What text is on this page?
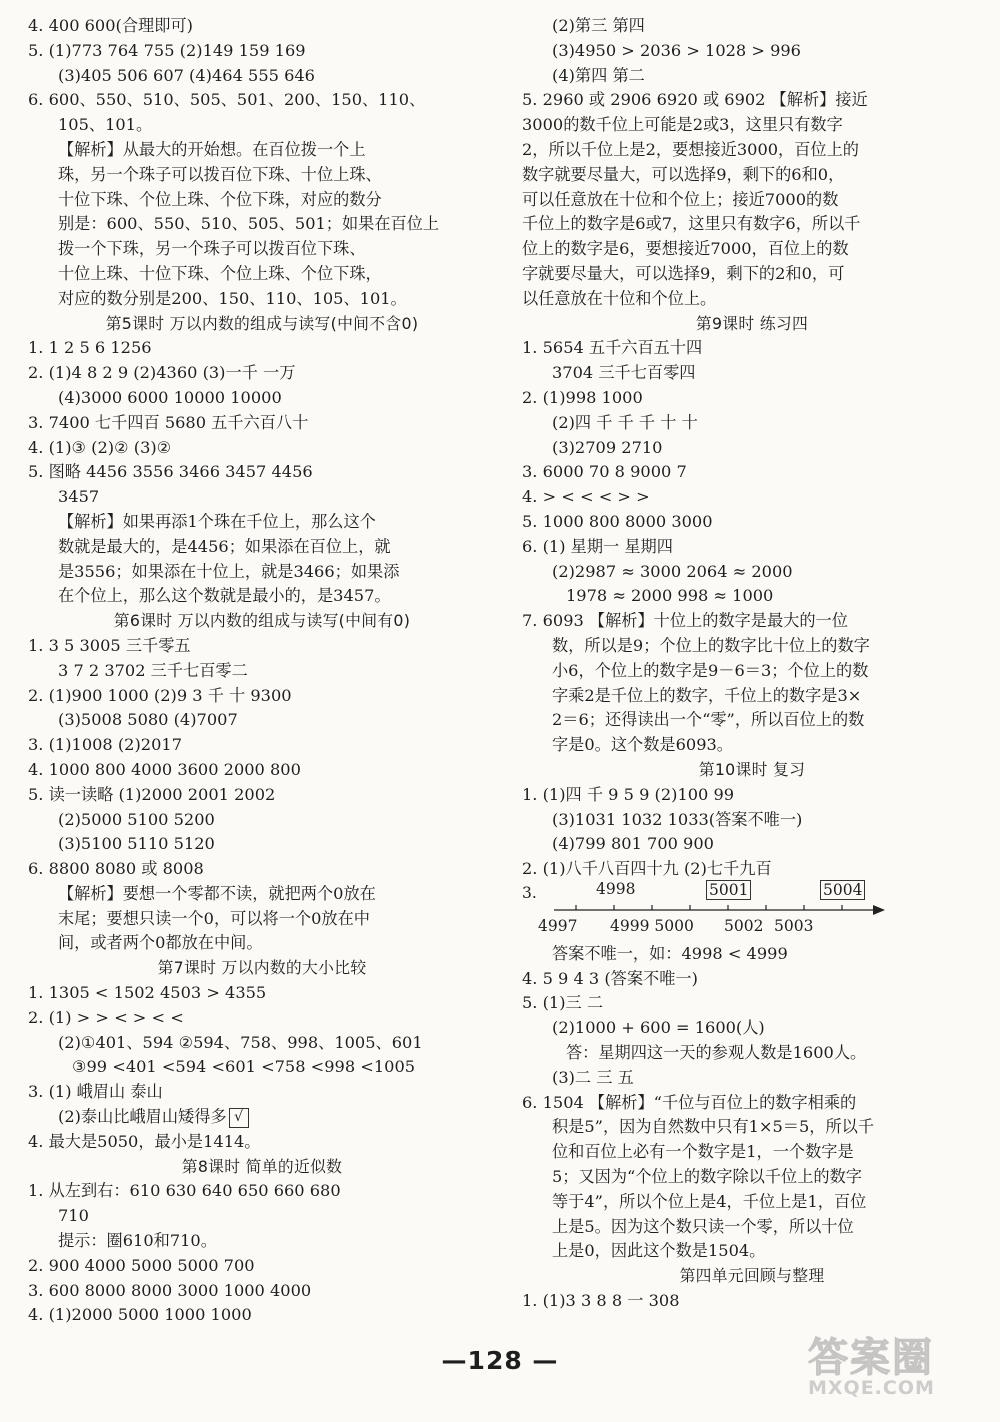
4. 400 600(合理即可)
5. (1)773 764 755 (2)149 159 169
(3)405 506 607 (4)464 555 646
6. 600、550、510、505、501、200、150、110、
105、101。
【解析】从最大的开始想。在百位拨一个上
珠，另一个珠子可以拨百位下珠、十位上珠、
十位下珠、个位上珠、个位下珠，对应的数分
别是：600、550、510、505、501；如果在百位上
拨一个下珠，另一个珠子可以拨百位下珠、
十位上珠、十位下珠、个位上珠、个位下珠，
对应的数分别是200、150、110、105、101。
第5课时 万以内数的组成与读写(中间不含0)
1. 1 2 5 6 1256
2. (1)4 8 2 9 (2)4360 (3)一千 一万
(4)3000 6000 10000 10000
3. 7400 七千四百 5680 五千六百八十
4. (1)③ (2)② (3)②
5. 图略 4456 3556 3466 3457 4456
3457
【解析】如果再添1个珠在千位上，那么这个
数就是最大的，是4456；如果添在百位上，就
是3556；如果添在十位上，就是3466；如果添
在个位上，那么这个数就是最小的，是3457。
第6课时 万以内数的组成与读写(中间有0)
1. 3 5 3005 三千零五
3 7 2 3702 三千七百零二
2. (1)900 1000 (2)9 3 千 十 9300
(3)5008 5080 (4)7007
3. (1)1008 (2)2017
4. 1000 800 4000 3600 2000 800
5. 读一读略 (1)2000 2001 2002
(2)5000 5100 5200
(3)5100 5110 5120
6. 8800 8080 或 8008
【解析】要想一个零都不读，就把两个0放在
末尾；要想只读一个0，可以将一个0放在中
间，或者两个0都放在中间。
第7课时 万以内数的大小比较
1. 1305 < 1502 4503 > 4355
2. (1) > > < > < <
(2)①401、594 ②594、758、998、1005、601
③99 <401 <594 <601 <758 <998 <1005
3. (1) 峨眉山 泰山
(2)泰山比峨眉山矮得多 √
4. 最大是5050，最小是1414。
第8课时 简单的近似数
1. 从左到右：610 630 640 650 660 680
710
提示：圈610和710。
2. 900 4000 5000 5000 700
3. 600 8000 8000 3000 1000 4000
4. (1)2000 5000 1000 1000
(2)第三 第四
(3)4950 > 2036 > 1028 > 996
(4)第四 第二
5. 2960 或 2906 6920 或 6902 【解析】接近
3000的数千位上可能是2或3，这里只有数字
2，所以千位上是2，要想接近3000，百位上的
数字就要尽量大，可以选择9，剩下的6和0，
可以任意放在十位和个位上；接近7000的数
千位上的数字是6或7，这里只有数字6，所以千
位上的数字是6，要想接近7000，百位上的数
字就要尽量大，可以选择9，剩下的2和0，可
以任意放在十位和个位上。
第9课时 练习四
1. 5654 五千六百五十四
3704 三千七百零四
2. (1)998 1000
(2)四 千 千 千 十 十
(3)2709 2710
3. 6000 70 8 9000 7
4. > < < < > >
5. 1000 800 8000 3000
6. (1) 星期一 星期四
(2)2987 ≈ 3000 2064 ≈ 2000
1978 ≈ 2000 998 ≈ 1000
7. 6093 【解析】十位上的数字是最大的一位
数，所以是9；个位上的数字比十位上的数字
小6，个位上的数字是9－6＝3；个位上的数
字乘2是千位上的数字，千位上的数字是3×
2＝6；还得读出一个“零”，所以百位上的数
字是0。这个数是6093。
第10课时 复习
1. (1)四 千 9 5 9 (2)100 99
(3)1031 1032 1033(答案不唯一)
(4)799 801 700 900
2. (1)八千八百四十九 (2)七千九百
3.	4998	5001	5004
4997 4999 5000 5002 5003
答案不唯一，如：4998 < 4999
4. 5 9 4 3 (答案不唯一)
5. (1)三 二
(2)1000 + 600 = 1600(人)
答：星期四这一天的参观人数是1600人。
(3)二 三 五
6. 1504 【解析】“千位与百位上的数字相乘的
积是5”，因为自然数中只有1×5＝5，所以千
位和百位上必有一个数字是1，一个数字是
5；又因为“个位上的数字除以千位上的数字
等于4”，所以个位上是4，千位上是1，百位
上是5。因为这个数只读一个零，所以十位
上是0，因此这个数是1504。
第四单元回顾与整理
1. (1)3 3 8 8 一 308
—128 —	答案圈
MXQE.COM
